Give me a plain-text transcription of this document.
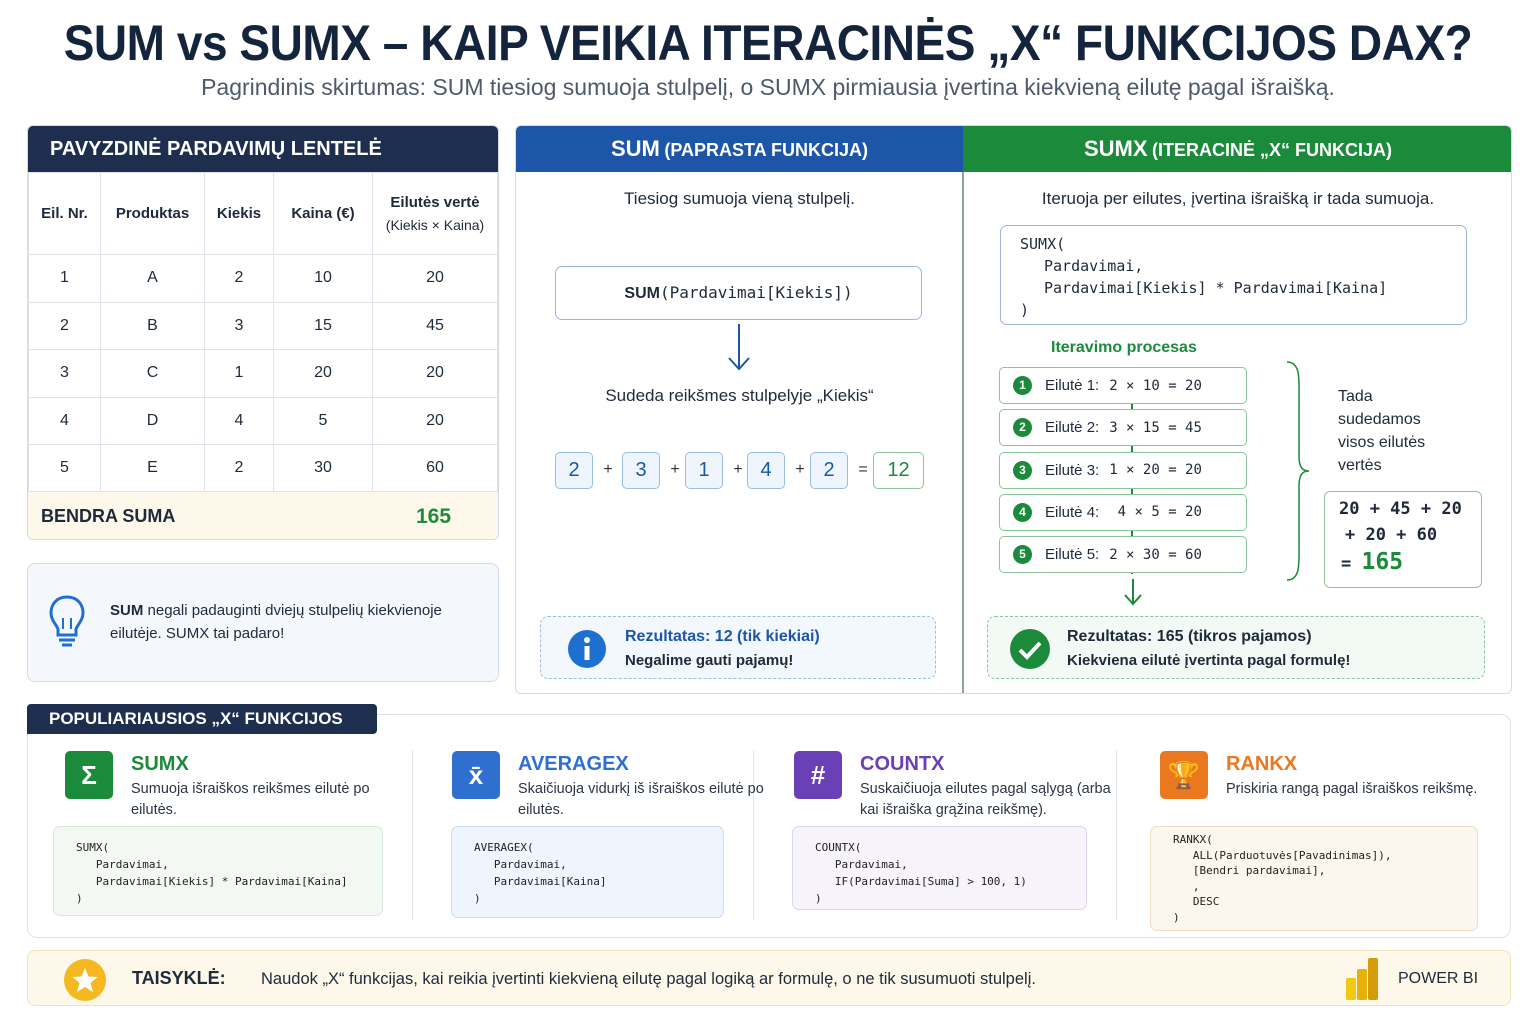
SUM vs SUMX – KAIP VEIKIA ITERACINĖS „X“ FUNKCIJOS DAX?
Pagrindinis skirtumas: SUM tiesiog sumuoja stulpelį, o SUMX pirmiausia įvertina kiekvieną eilutę pagal išraišką.
PAVYZDINĖ PARDAVIMŲ LENTELĖ
Eil. Nr.	Produktas	Kiekis	Kaina (€)	Eilutės vertė
(Kiekis × Kaina)

1	A	2	10	20
2	B	3	15	45
3	C	1	20	20
4	D	4	5	20
5	E	2	30	60
BENDRA SUMA	165
SUM negali padauginti dviejų stulpelių kiekvienoje eilutėje. SUMX tai padaro!
SUM (PAPRASTA FUNKCIJA)	SUMX (ITERACINĖ „X“ FUNKCIJA)
Tiesiog sumuoja vieną stulpelį.
SUM(Pardavimai[Kiekis])
Sudeda reikšmes stulpelyje „Kiekis“
2	+	3	+ 1	+ 4	+ 2	= 12
Rezultatas: 12 (tik kiekiai)
Negalime gauti pajamų!
Iteruoja per eilutes, įvertina išraišką ir tada sumuoja.
SUMX(
Pardavimai,
Pardavimai[Kiekis] * Pardavimai[Kaina]
)
Iteravimo procesas
1	Eilutė 1: 2 × 10 = 20
2	Eilutė 2: 3 × 15 = 45
3	Eilutė 3: 1 × 20 = 20
4	Eilutė 4: 4 × 5 = 20
5	Eilutė 5: 2 × 30 = 60
Tada sudedamos visos eilutės vertės
20 + 45 + 20
+ 20 + 60
= 165
Rezultatas: 165 (tikros pajamos)
Kiekviena eilutė įvertinta pagal formulę!
POPULIARIAUSIOS „X“ FUNKCIJOS
Σ	SUMX
Sumuoja išraiškos reikšmes eilutė po eilutės.
SUMX(
Pardavimai,
Pardavimai[Kiekis] * Pardavimai[Kaina]
)
x̄	AVERAGEX
Skaičiuoja vidurkį iš išraiškos eilutė po eilutės.
AVERAGEX(
Pardavimai,
Pardavimai[Kaina]
)
#	COUNTX
Suskaičiuoja eilutes pagal sąlygą (arba kai išraiška grąžina reikšmę).
COUNTX(
Pardavimai,
IF(Pardavimai[Suma] > 100, 1)
)
🏆	RANKX
Priskiria rangą pagal išraiškos reikšmę.
RANKX(
ALL(Parduotuvės[Pavadinimas]),
[Bendri pardavimai],
,
DESC
)
TAISYKLĖ: Naudok „X“ funkcijas, kai reikia įvertinti kiekvieną eilutę pagal logiką ar formulę, o ne tik susumuoti stulpelį.	POWER BI
